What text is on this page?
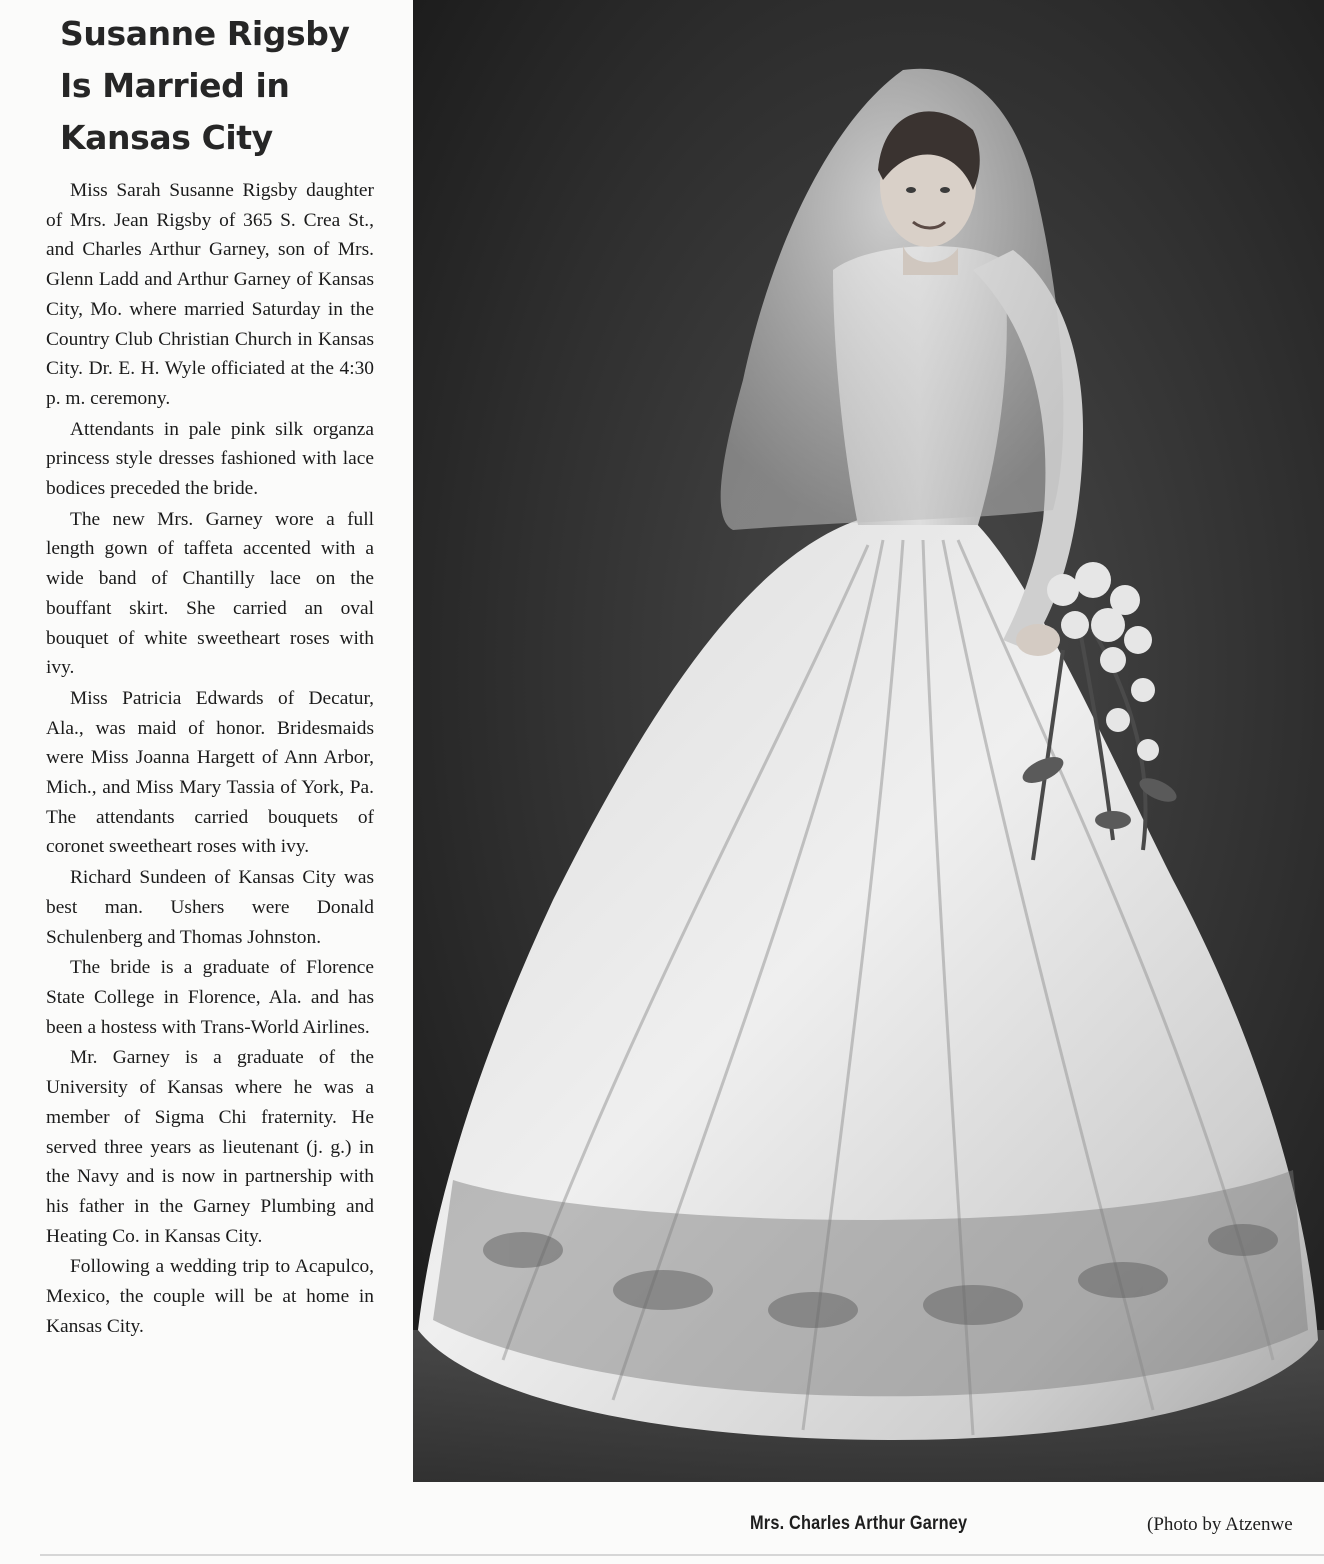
Susanne Rigsby
Is Married in
Kansas City

Miss Sarah Susanne Rigsby daughter of Mrs. Jean Rigsby of 365 S. Crea St., and Charles Arthur Garney, son of Mrs. Glenn Ladd and Arthur Garney of Kansas City, Mo. where married Saturday in the Country Club Christian Church in Kansas City. Dr. E. H. Wyle officiated at the 4:30 p. m. ceremony.

Attendants in pale pink silk organza princess style dresses fashioned with lace bodices preceded the bride.

The new Mrs. Garney wore a full length gown of taffeta accented with a wide band of Chantilly lace on the bouffant skirt. She carried an oval bouquet of white sweetheart roses with ivy.

Miss Patricia Edwards of Decatur, Ala., was maid of honor. Bridesmaids were Miss Joanna Hargett of Ann Arbor, Mich., and Miss Mary Tassia of York, Pa. The attendants carried bouquets of coronet sweetheart roses with ivy.

Richard Sundeen of Kansas City was best man. Ushers were Donald Schulenberg and Thomas Johnston.

The bride is a graduate of Florence State College in Florence, Ala. and has been a hostess with Trans-World Airlines.

Mr. Garney is a graduate of the University of Kansas where he was a member of Sigma Chi fraternity. He served three years as lieutenant (j. g.) in the Navy and is now in partnership with his father in the Garney Plumbing and Heating Co. in Kansas City.

Following a wedding trip to Acapulco, Mexico, the couple will be at home in Kansas City.

Mrs. Charles Arthur Garney	(Photo by Atzenwe
